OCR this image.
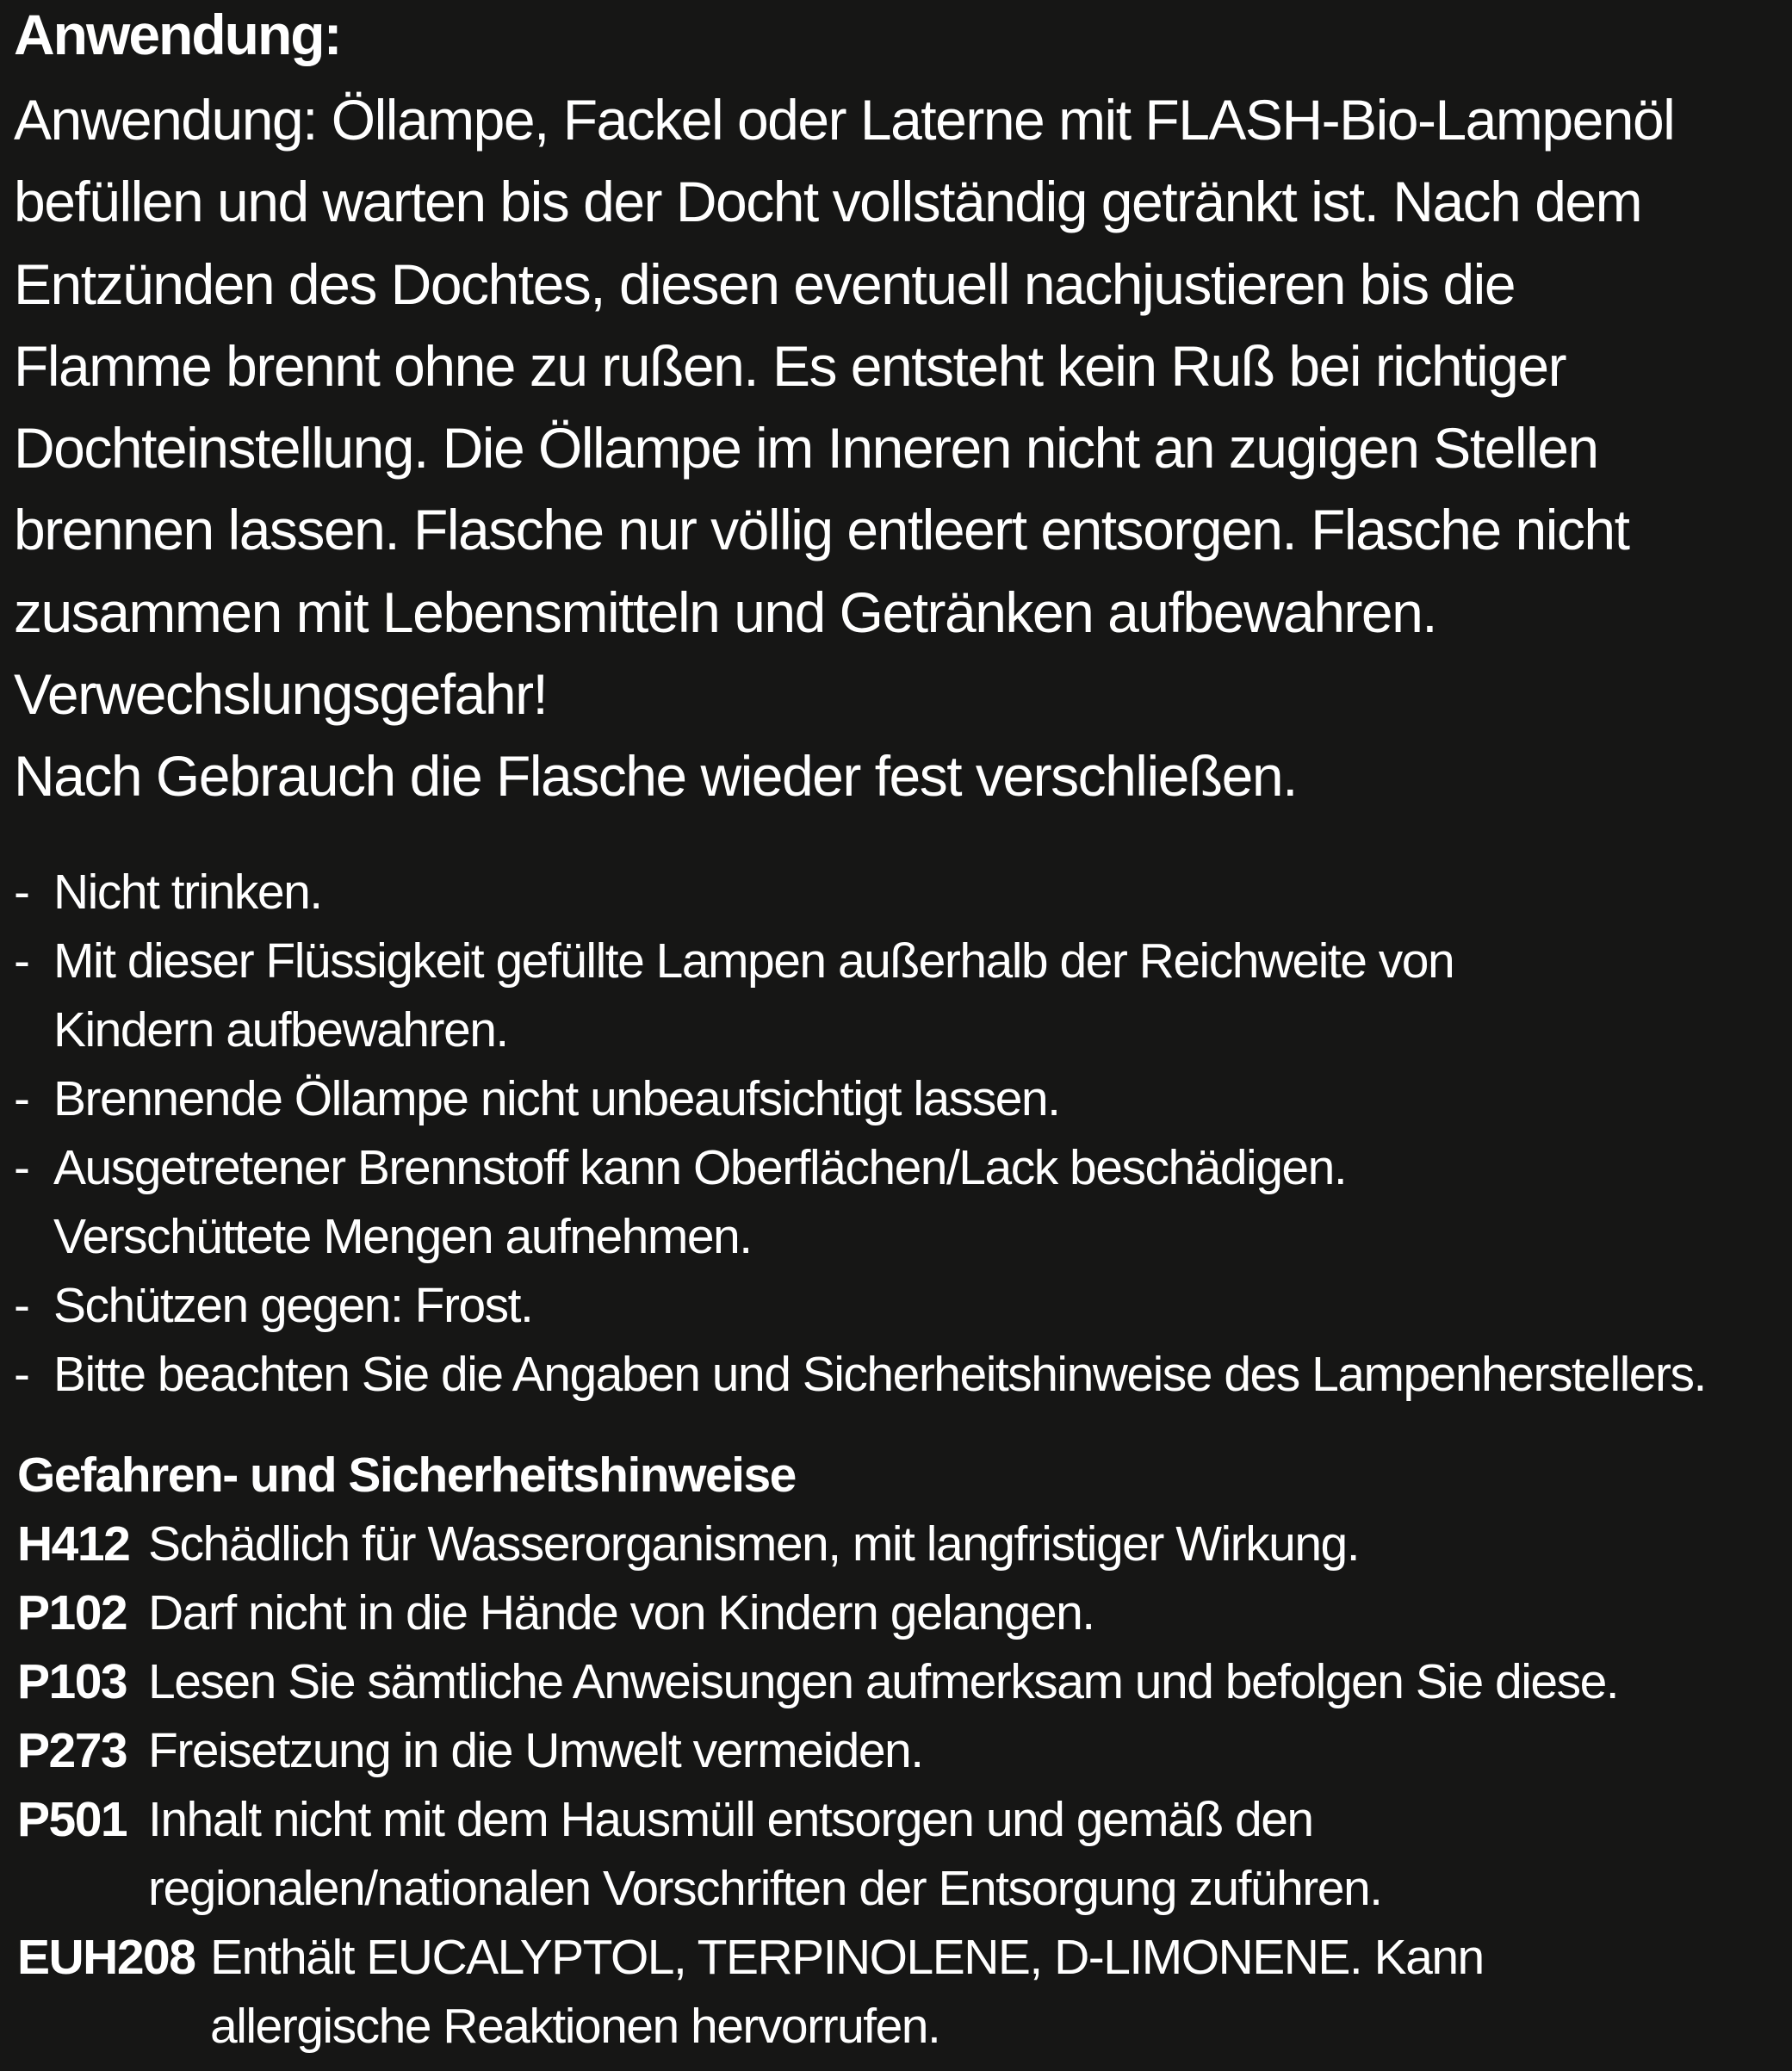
Anwendung:
Anwendung: Öllampe, Fackel oder Laterne mit FLASH-Bio-Lampenöl
befüllen und warten bis der Docht vollständig getränkt ist. Nach dem
Entzünden des Dochtes, diesen eventuell nachjustieren bis die
Flamme brennt ohne zu rußen. Es entsteht kein Ruß bei richtiger
Dochteinstellung. Die Öllampe im Inneren nicht an zugigen Stellen
brennen lassen. Flasche nur völlig entleert entsorgen. Flasche nicht
zusammen mit Lebensmitteln und Getränken aufbewahren.
Verwechslungsgefahr!
Nach Gebrauch die Flasche wieder fest verschließen.
- Nicht trinken.
- Mit dieser Flüssigkeit gefüllte Lampen außerhalb der Reichweite von
Kindern aufbewahren.
- Brennende Öllampe nicht unbeaufsichtigt lassen.
- Ausgetretener Brennstoff kann Oberflächen/Lack beschädigen.
Verschüttete Mengen aufnehmen.
- Schützen gegen: Frost.
- Bitte beachten Sie die Angaben und Sicherheitshinweise des Lampenherstellers.
Gefahren- und Sicherheitshinweise
H412 Schädlich für Wasserorganismen, mit langfristiger Wirkung.
P102 Darf nicht in die Hände von Kindern gelangen.
P103 Lesen Sie sämtliche Anweisungen aufmerksam und befolgen Sie diese.
P273 Freisetzung in die Umwelt vermeiden.
P501 Inhalt nicht mit dem Hausmüll entsorgen und gemäß den
regionalen/nationalen Vorschriften der Entsorgung zuführen.
EUH208 Enthält EUCALYPTOL, TERPINOLENE, D-LIMONENE. Kann
allergische Reaktionen hervorrufen.
